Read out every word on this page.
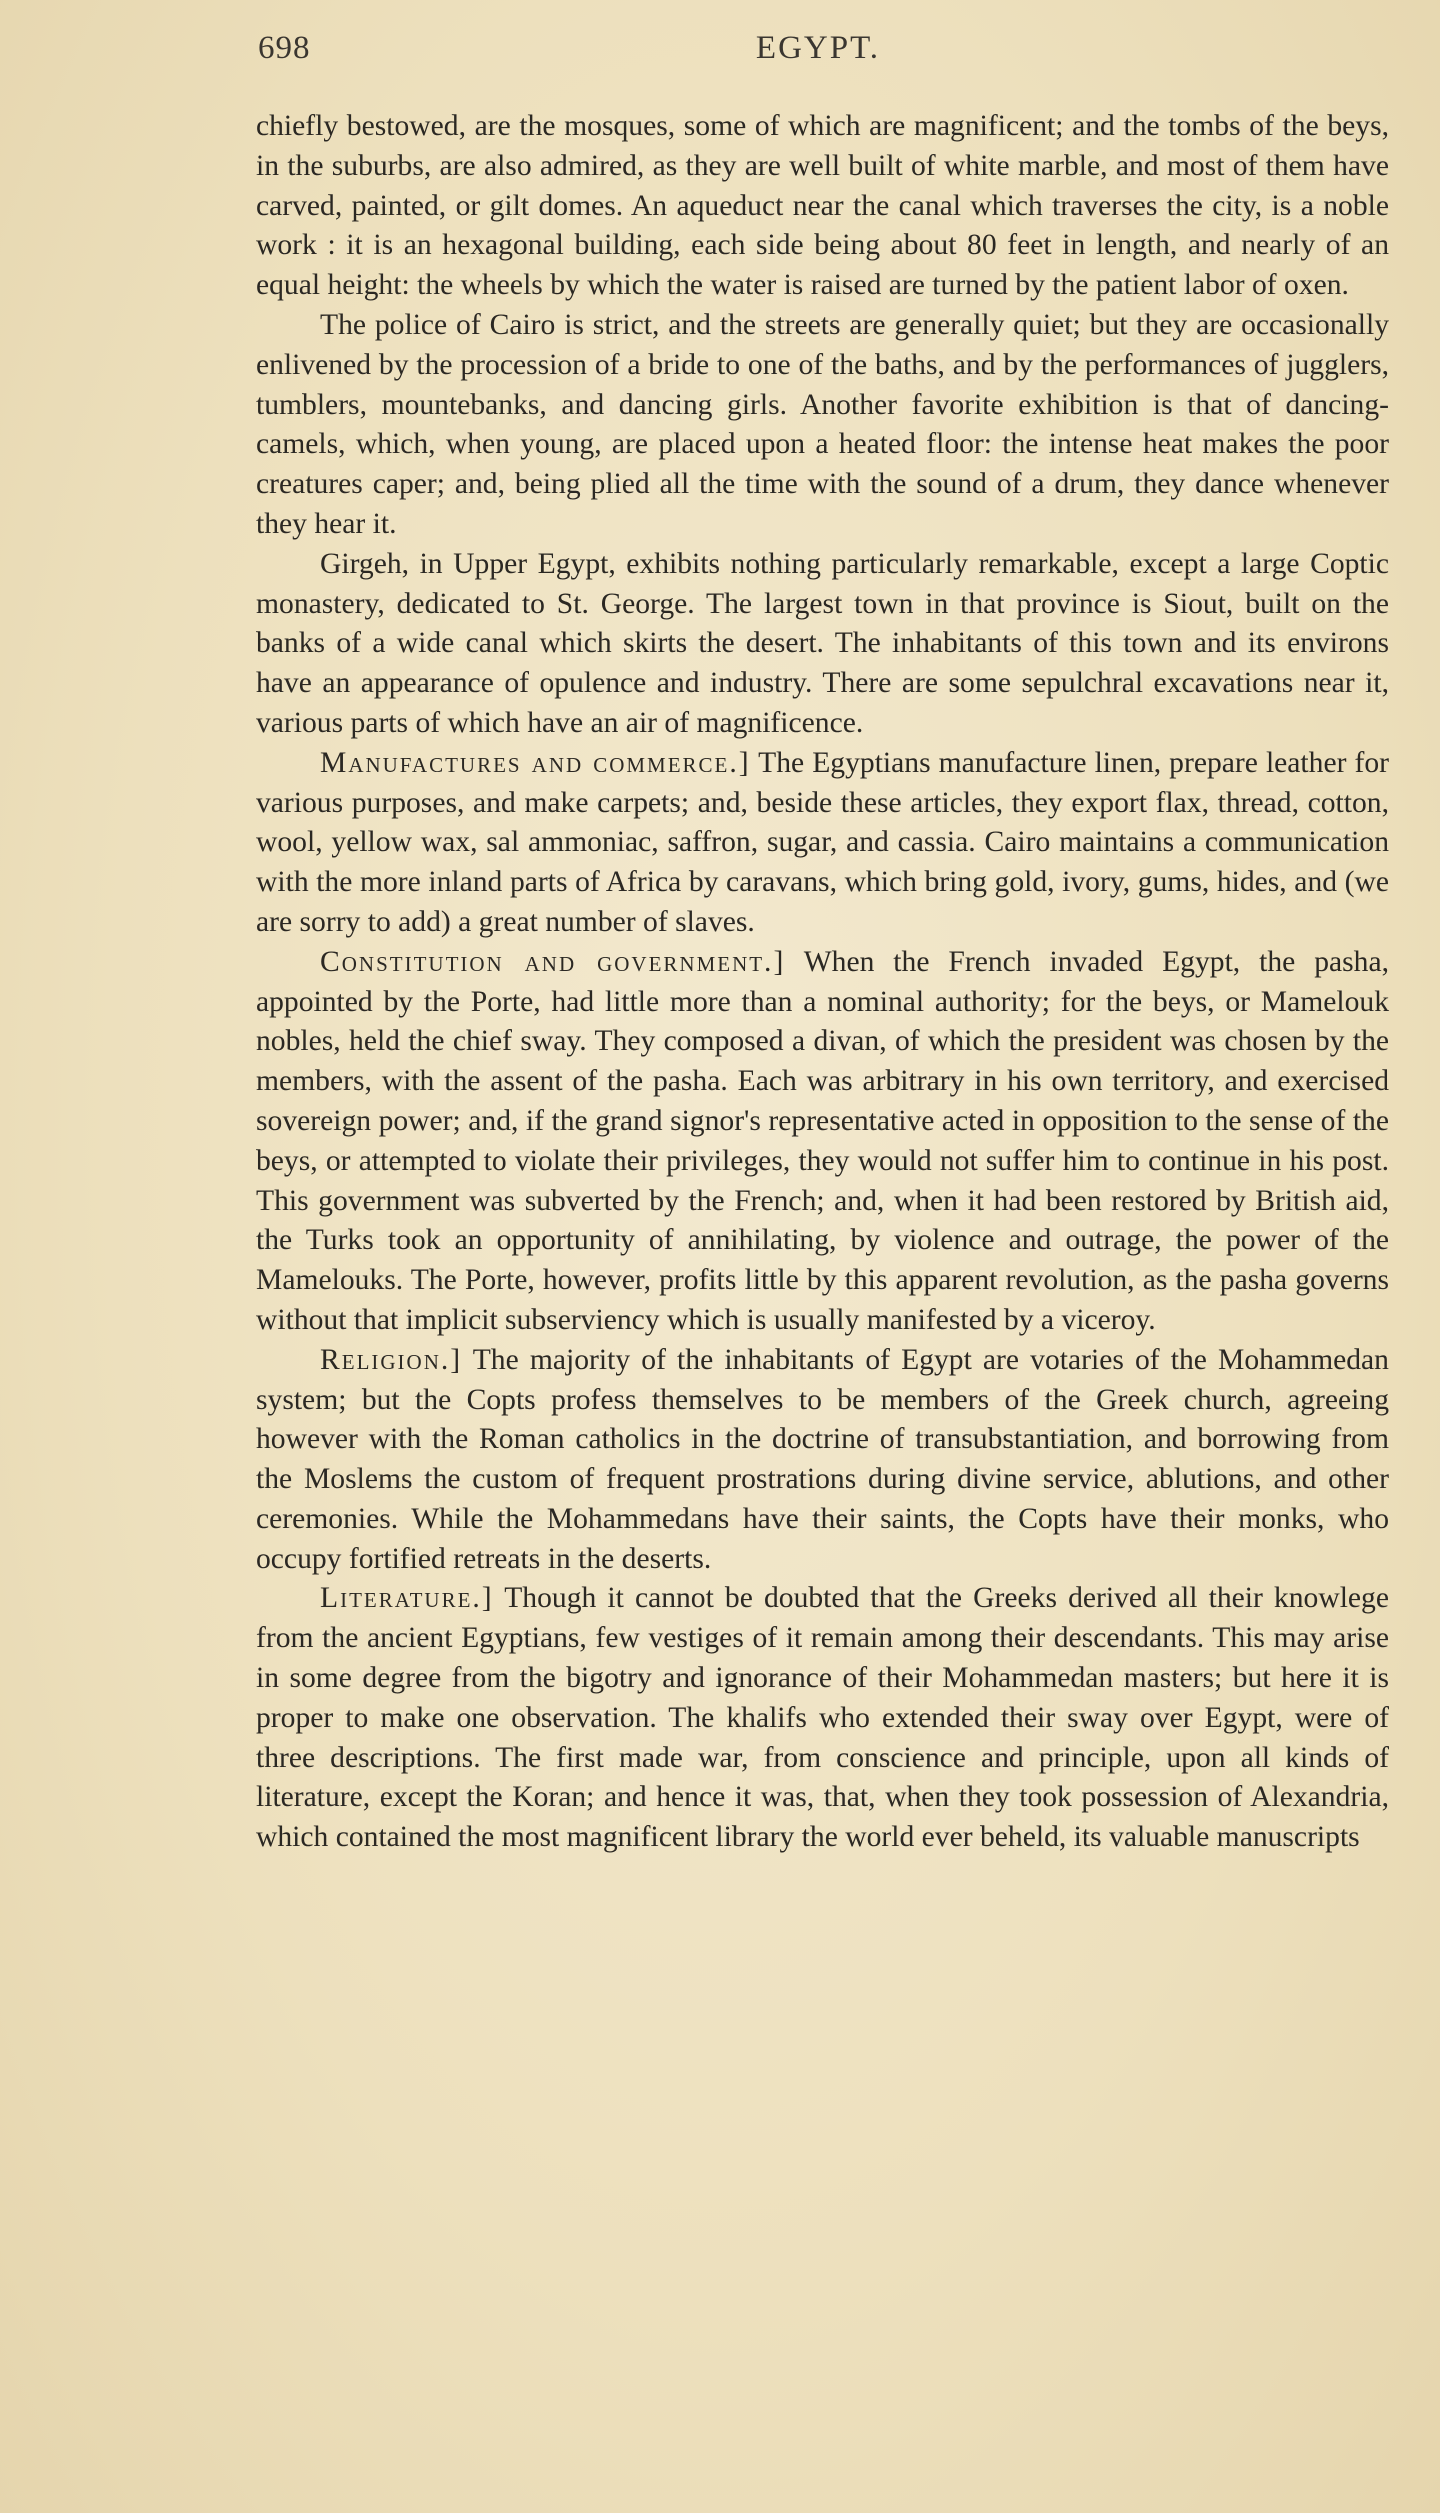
698	EGYPT.

chiefly bestowed, are the mosques, some of which are magnificent; and the tombs of the beys, in the suburbs, are also admired, as they are well built of white marble, and most of them have carved, painted, or gilt domes. An aqueduct near the canal which traverses the city, is a noble work : it is an hexagonal building, each side being about 80 feet in length, and nearly of an equal height: the wheels by which the water is raised are turned by the patient labor of oxen.

The police of Cairo is strict, and the streets are generally quiet; but they are occasionally enlivened by the procession of a bride to one of the baths, and by the performances of jugglers, tumblers, mountebanks, and dancing girls. Another favorite exhibition is that of dancing-camels, which, when young, are placed upon a heated floor: the intense heat makes the poor creatures caper; and, being plied all the time with the sound of a drum, they dance whenever they hear it.

Girgeh, in Upper Egypt, exhibits nothing particularly remarkable, except a large Coptic monastery, dedicated to St. George. The largest town in that province is Siout, built on the banks of a wide canal which skirts the desert. The inhabitants of this town and its environs have an appearance of opulence and industry. There are some sepulchral excavations near it, various parts of which have an air of magnificence.

Manufactures and commerce.] The Egyptians manufacture linen, prepare leather for various purposes, and make carpets; and, beside these articles, they export flax, thread, cotton, wool, yellow wax, sal ammoniac, saffron, sugar, and cassia. Cairo maintains a communication with the more inland parts of Africa by caravans, which bring gold, ivory, gums, hides, and (we are sorry to add) a great number of slaves.

Constitution and government.] When the French invaded Egypt, the pasha, appointed by the Porte, had little more than a nominal authority; for the beys, or Mamelouk nobles, held the chief sway. They composed a divan, of which the president was chosen by the members, with the assent of the pasha. Each was arbitrary in his own territory, and exercised sovereign power; and, if the grand signor's representative acted in opposition to the sense of the beys, or attempted to violate their privileges, they would not suffer him to continue in his post. This government was subverted by the French; and, when it had been restored by British aid, the Turks took an opportunity of annihilating, by violence and outrage, the power of the Mamelouks. The Porte, however, profits little by this apparent revolution, as the pasha governs without that implicit subserviency which is usually manifested by a viceroy.

Religion.] The majority of the inhabitants of Egypt are votaries of the Mohammedan system; but the Copts profess themselves to be members of the Greek church, agreeing however with the Roman catholics in the doctrine of transubstantiation, and borrowing from the Moslems the custom of frequent prostrations during divine service, ablutions, and other ceremonies. While the Mohammedans have their saints, the Copts have their monks, who occupy fortified retreats in the deserts.

Literature.] Though it cannot be doubted that the Greeks derived all their knowlege from the ancient Egyptians, few vestiges of it remain among their descendants. This may arise in some degree from the bigotry and ignorance of their Mohammedan masters; but here it is proper to make one observation. The khalifs who extended their sway over Egypt, were of three descriptions. The first made war, from conscience and principle, upon all kinds of literature, except the Koran; and hence it was, that, when they took possession of Alexandria, which contained the most magnificent library the world ever beheld, its valuable manuscripts
